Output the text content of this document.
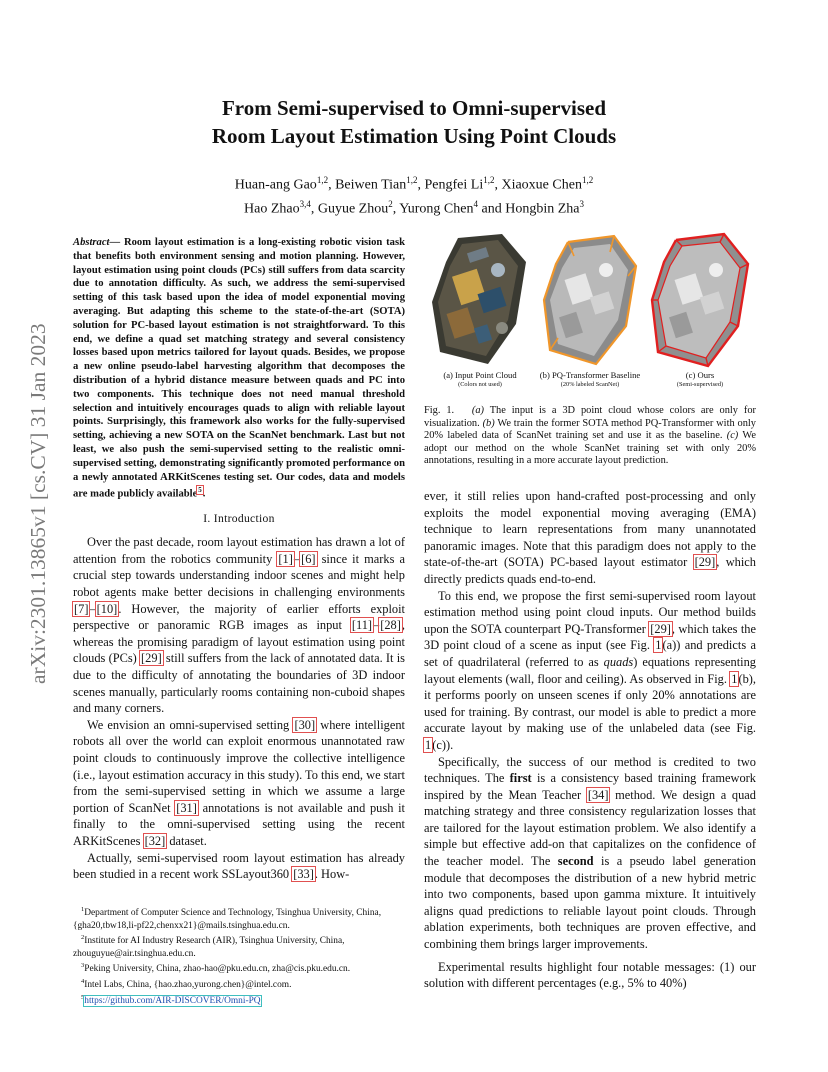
arXiv:2301.13865v1 [cs.CV] 31 Jan 2023
From Semi-supervised to Omni-supervised
Room Layout Estimation Using Point Clouds
Huan-ang Gao$^{1,2}$, Beiwen Tian$^{1,2}$, Pengfei Li$^{1,2}$, Xiaoxue Chen$^{1,2}$
Hao Zhao$^{3,4}$, Guyue Zhou$^2$, Yurong Chen$^4$ and Hongbin Zha$^3$

Abstract— Room layout estimation is a long-existing robotic vision task that benefits both environment sensing and motion planning. However, layout estimation using point clouds (PCs) still suffers from data scarcity due to annotation difficulty. As such, we address the semi-supervised setting of this task based upon the idea of model exponential moving averaging. But adapting this scheme to the state-of-the-art (SOTA) solution for PC-based layout estimation is not straightforward. To this end, we define a quad set matching strategy and several consistency losses based upon metrics tailored for layout quads. Besides, we propose a new online pseudo-label harvesting algorithm that decomposes the distribution of a hybrid distance measure between quads and PC into two components. This technique does not need manual threshold selection and intuitively encourages quads to align with reliable layout points. Surprisingly, this framework also works for the fully-supervised setting, achieving a new SOTA on the ScanNet benchmark. Last but not least, we also push the semi-supervised setting to the realistic omni-supervised setting, demonstrating significantly promoted performance on a newly annotated ARKitScenes testing set. Our codes, data and models are made publicly available$^5$.

I. Introduction

Over the past decade, room layout estimation has drawn a lot of attention from the robotics community [1]–[6] since it marks a crucial step towards understanding indoor scenes and might help robot agents make better decisions in challenging environments [7]–[10]. However, the majority of earlier efforts exploit perspective or panoramic RGB images as input [11]–[28], whereas the promising paradigm of layout estimation using point clouds (PCs) [29] still suffers from the lack of annotated data. It is due to the difficulty of annotating the boundaries of 3D indoor scenes manually, particularly rooms containing non-cuboid shapes and many corners.

We envision an omni-supervised setting [30] where intelligent robots all over the world can exploit enormous unannotated raw point clouds to continuously improve the collective intelligence (i.e., layout estimation accuracy in this study). To this end, we start from the semi-supervised setting in which we assume a large portion of ScanNet [31] annotations is not available and push it finally to the omni-supervised setting using the recent ARKitScenes [32] dataset.

Actually, semi-supervised room layout estimation has already been studied in a recent work SSLayout360 [33]. How-

$^1$Department of Computer Science and Technology, Tsinghua University, China, {gha20,tbw18,li-pf22,chenxx21}@mails.tsinghua.edu.cn.
$^2$Institute for AI Industry Research (AIR), Tsinghua University, China, zhouguyue@air.tsinghua.edu.cn.
$^3$Peking University, China, zhao-hao@pku.edu.cn, zha@cis.pku.edu.cn.
$^4$Intel Labs, China, {hao.zhao,yurong.chen}@intel.com.
$^5$https://github.com/AIR-DISCOVER/Omni-PQ
(a) Input Point Cloud
(Colors not used)
(b) PQ-Transformer Baseline
(20% labeled ScanNet)
(c) Ours
(Semi-supervised)
Fig. 1. (a) The input is a 3D point cloud whose colors are only for visualization. (b) We train the former SOTA method PQ-Transformer with only 20% labeled data of ScanNet training set and use it as the baseline. (c) We adopt our method on the whole ScanNet training set with only 20% annotations, resulting in a more accurate layout prediction.

ever, it still relies upon hand-crafted post-processing and only exploits the model exponential moving averaging (EMA) technique to learn representations from many unannotated panoramic images. Note that this paradigm does not apply to the state-of-the-art (SOTA) PC-based layout estimator [29], which directly predicts quads end-to-end.

To this end, we propose the first semi-supervised room layout estimation method using point cloud inputs. Our method builds upon the SOTA counterpart PQ-Transformer [29], which takes the 3D point cloud of a scene as input (see Fig. 1(a)) and predicts a set of quadrilateral (referred to as quads) equations representing layout elements (wall, floor and ceiling). As observed in Fig. 1(b), it performs poorly on unseen scenes if only 20% annotations are used for training. By contrast, our model is able to predict a more accurate layout by making use of the unlabeled data (see Fig. 1(c)).

Specifically, the success of our method is credited to two techniques. The first is a consistency based training framework inspired by the Mean Teacher [34] method. We design a quad matching strategy and three consistency regularization losses that are tailored for the layout estimation problem. We also identify a simple but effective add-on that capitalizes on the confidence of the teacher model. The second is a pseudo label generation module that decomposes the distribution of a new hybrid metric into two components, based upon gamma mixture. It intuitively aligns quad predictions to reliable layout point clouds. Through ablation experiments, both techniques are proven effective, and combining them brings larger improvements.

Experimental results highlight four notable messages: (1) our solution with different percentages (e.g., 5% to 40%)
